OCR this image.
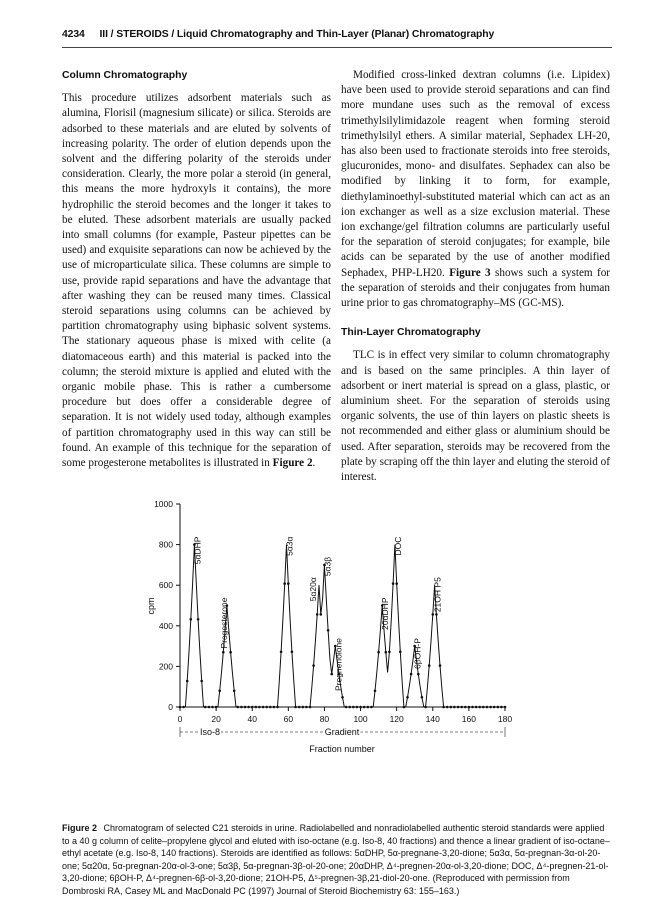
4234 III / STEROIDS / Liquid Chromatography and Thin-Layer (Planar) Chromatography
Column Chromatography

This procedure utilizes adsorbent materials such as alumina, Florisil (magnesium silicate) or silica. Steroids are adsorbed to these materials and are eluted by solvents of increasing polarity. The order of elution depends upon the solvent and the differing polarity of the steroids under consideration. Clearly, the more polar a steroid (in general, this means the more hydroxyls it contains), the more hydrophilic the steroid becomes and the longer it takes to be eluted. These adsorbent materials are usually packed into small columns (for example, Pasteur pipettes can be used) and exquisite separations can now be achieved by the use of microparticulate silica. These columns are simple to use, provide rapid separations and have the advantage that after washing they can be reused many times. Classical steroid separations using columns can be achieved by partition chromatography using biphasic solvent systems. The stationary aqueous phase is mixed with celite (a diatomaceous earth) and this material is packed into the column; the steroid mixture is applied and eluted with the organic mobile phase. This is rather a cumbersome procedure but does offer a considerable degree of separation. It is not widely used today, although examples of partition chromatography used in this way can still be found. An example of this technique for the separation of some progesterone metabolites is illustrated in Figure 2.

Modified cross-linked dextran columns (i.e. Lipidex) have been used to provide steroid separations and can find more mundane uses such as the removal of excess trimethylsilylimidazole reagent when forming steroid trimethylsilyl ethers. A similar material, Sephadex LH-20, has also been used to fractionate steroids into free steroids, glucuronides, mono- and disulfates. Sephadex can also be modified by linking it to form, for example, diethylaminoethyl-substituted material which can act as an ion exchanger as well as a size exclusion material. These ion exchange/gel filtration columns are particularly useful for the separation of steroid conjugates; for example, bile acids can be separated by the use of another modified Sephadex, PHP-LH20. Figure 3 shows such a system for the separation of steroids and their conjugates from human urine prior to gas chromatography–MS (GC-MS).

Thin-Layer Chromatography

TLC is in effect very similar to column chromatography and is based on the same principles. A thin layer of adsorbent or inert material is spread on a glass, plastic, or aluminium sheet. For the separation of steroids using organic solvents, the use of thin layers on plastic sheets is not recommended and either glass or aluminium should be used. After separation, steroids may be recovered from the plate by scraping off the thin layer and eluting the steroid of interest.

0
200
400
600
800
1000
0	20	40	60	80	100	120	140	160	180
5αDHP
Progesterone
5α3α
5α20α
5α3β
Pregnenolone
20αDHP
DOC
6βOH-P
21OH P5
cpm
Iso-8	Gradient
Fraction number
Figure 2 Chromatogram of selected C21 steroids in urine. Radiolabelled and nonradiolabelled authentic steroid standards were applied to a 40 g column of celite–propylene glycol and eluted with iso-octane (e.g. Iso-8, 40 fractions) and thence a linear gradient of iso-octane–ethyl acetate (e.g. Iso-8, 140 fractions). Steroids are identified as follows: 5αDHP, 5α-pregnane-3,20-dione; 5α3α, 5α-pregnan-3α-ol-20-one; 5α20α, 5α-pregnan-20α-ol-3-one; 5α3β, 5α-pregnan-3β-ol-20-one; 20αDHP, Δ⁴-pregnen-20α-ol-3,20-dione; DOC, Δ⁴-pregnen-21-ol-3,20-dione; 6βOH-P, Δ⁴-pregnen-6β-ol-3,20-dione; 21OH-P5, Δ⁵-pregnen-3β,21-diol-20-one. (Reproduced with permission from Dombroski RA, Casey ML and MacDonald PC (1997) Journal of Steroid Biochemistry 63: 155–163.)
